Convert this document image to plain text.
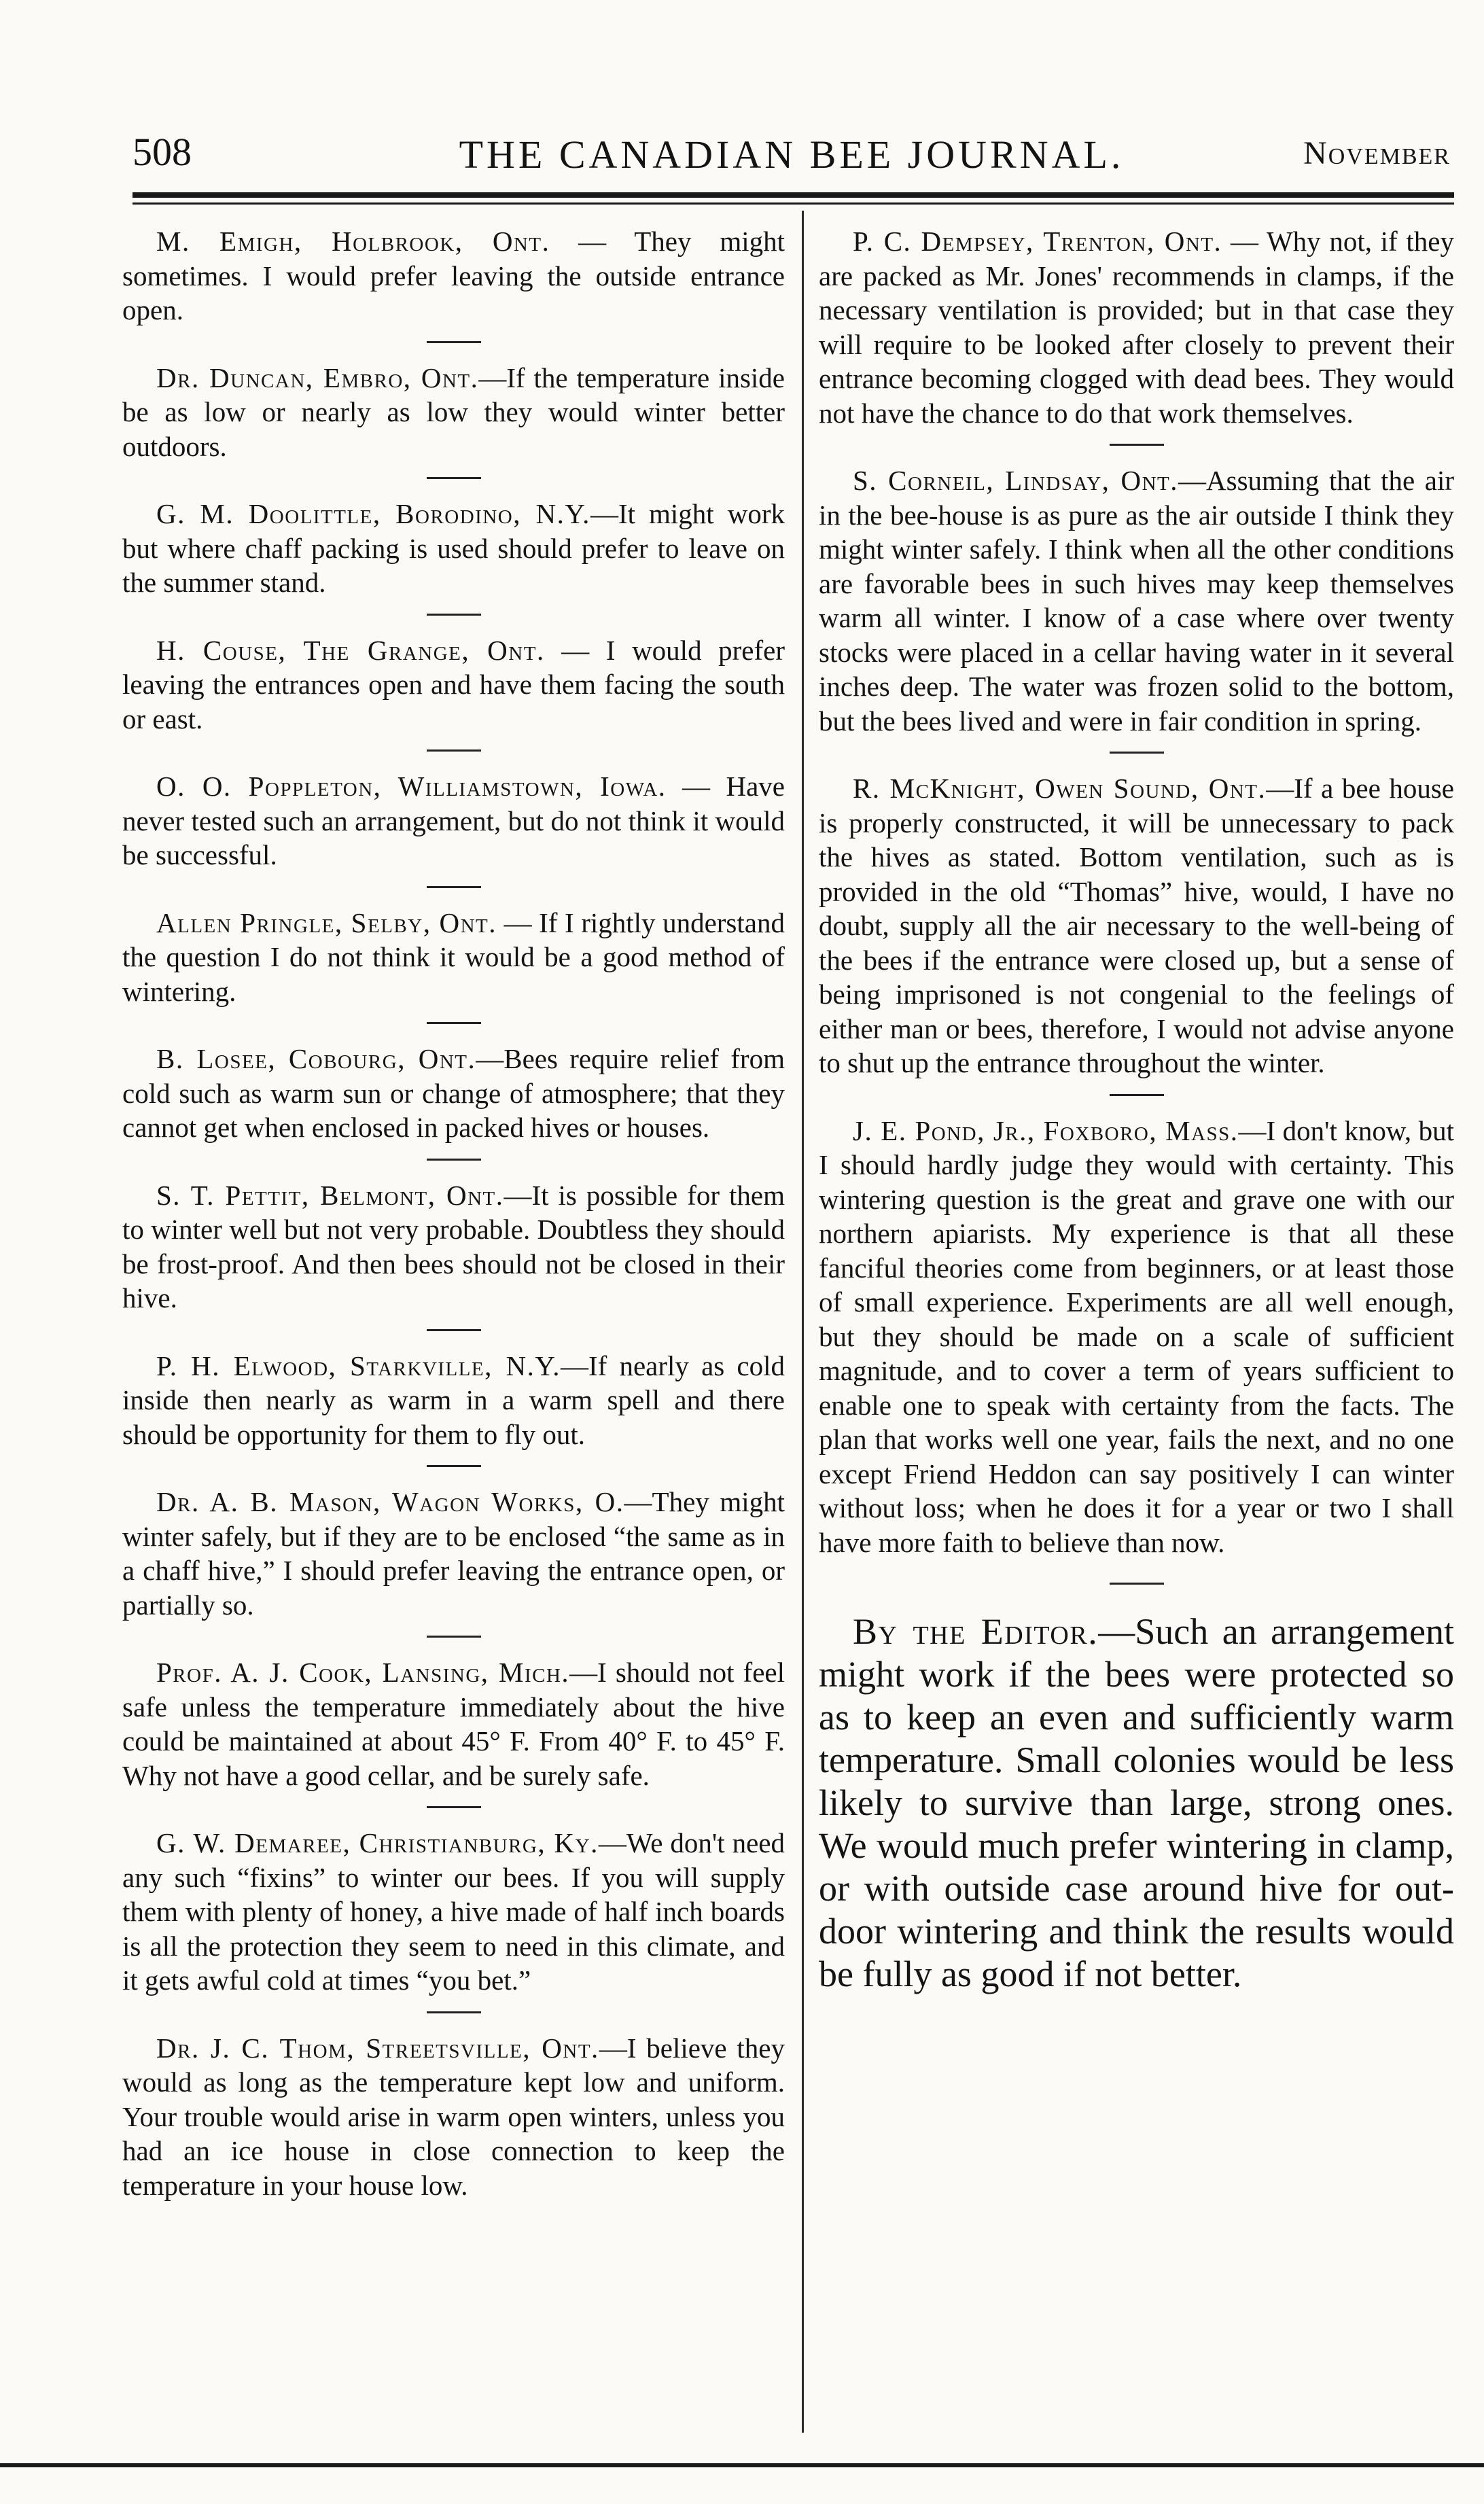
508	THE CANADIAN BEE JOURNAL.	November

M. Emigh, Holbrook, Ont. — They might sometimes. I would prefer leaving the outside entrance open.

Dr. Duncan, Embro, Ont.—If the temperature inside be as low or nearly as low they would winter better outdoors.

G. M. Doolittle, Borodino, N.Y.—It might work but where chaff packing is used should prefer to leave on the summer stand.

H. Couse, The Grange, Ont. — I would prefer leaving the entrances open and have them facing the south or east.

O. O. Poppleton, Williamstown, Iowa. — Have never tested such an arrangement, but do not think it would be successful.

Allen Pringle, Selby, Ont. — If I rightly understand the question I do not think it would be a good method of wintering.

B. Losee, Cobourg, Ont.—Bees require relief from cold such as warm sun or change of atmosphere; that they cannot get when enclosed in packed hives or houses.

S. T. Pettit, Belmont, Ont.—It is possible for them to winter well but not very probable. Doubtless they should be frost-proof. And then bees should not be closed in their hive.

P. H. Elwood, Starkville, N.Y.—If nearly as cold inside then nearly as warm in a warm spell and there should be opportunity for them to fly out.

Dr. A. B. Mason, Wagon Works, O.—They might winter safely, but if they are to be enclosed “the same as in a chaff hive,” I should prefer leaving the entrance open, or partially so.

Prof. A. J. Cook, Lansing, Mich.—I should not feel safe unless the temperature immediately about the hive could be maintained at about 45° F. From 40° F. to 45° F. Why not have a good cellar, and be surely safe.

G. W. Demaree, Christianburg, Ky.—We don't need any such “fixins” to winter our bees. If you will supply them with plenty of honey, a hive made of half inch boards is all the protection they seem to need in this climate, and it gets awful cold at times “you bet.”

Dr. J. C. Thom, Streetsville, Ont.—I believe they would as long as the temperature kept low and uniform. Your trouble would arise in warm open winters, unless you had an ice house in close connection to keep the temperature in your house low.

P. C. Dempsey, Trenton, Ont. — Why not, if they are packed as Mr. Jones' recommends in clamps, if the necessary ventilation is provided; but in that case they will require to be looked after closely to prevent their entrance becoming clogged with dead bees. They would not have the chance to do that work themselves.

S. Corneil, Lindsay, Ont.—Assuming that the air in the bee-house is as pure as the air outside I think they might winter safely. I think when all the other conditions are favorable bees in such hives may keep themselves warm all winter. I know of a case where over twenty stocks were placed in a cellar having water in it several inches deep. The water was frozen solid to the bottom, but the bees lived and were in fair condition in spring.

R. McKnight, Owen Sound, Ont.—If a bee house is properly constructed, it will be unnecessary to pack the hives as stated. Bottom ventilation, such as is provided in the old “Thomas” hive, would, I have no doubt, supply all the air necessary to the well-being of the bees if the entrance were closed up, but a sense of being imprisoned is not congenial to the feelings of either man or bees, therefore, I would not advise anyone to shut up the entrance throughout the winter.

J. E. Pond, Jr., Foxboro, Mass.—I don't know, but I should hardly judge they would with certainty. This wintering question is the great and grave one with our northern apiarists. My experience is that all these fanciful theories come from beginners, or at least those of small experience. Experiments are all well enough, but they should be made on a scale of sufficient magnitude, and to cover a term of years sufficient to enable one to speak with certainty from the facts. The plan that works well one year, fails the next, and no one except Friend Heddon can say positively I can winter without loss; when he does it for a year or two I shall have more faith to believe than now.

By the Editor.—Such an arrangement might work if the bees were protected so as to keep an even and sufficiently warm temperature. Small colonies would be less likely to survive than large, strong ones. We would much prefer wintering in clamp, or with outside case around hive for out-door wintering and think the results would be fully as good if not better.
